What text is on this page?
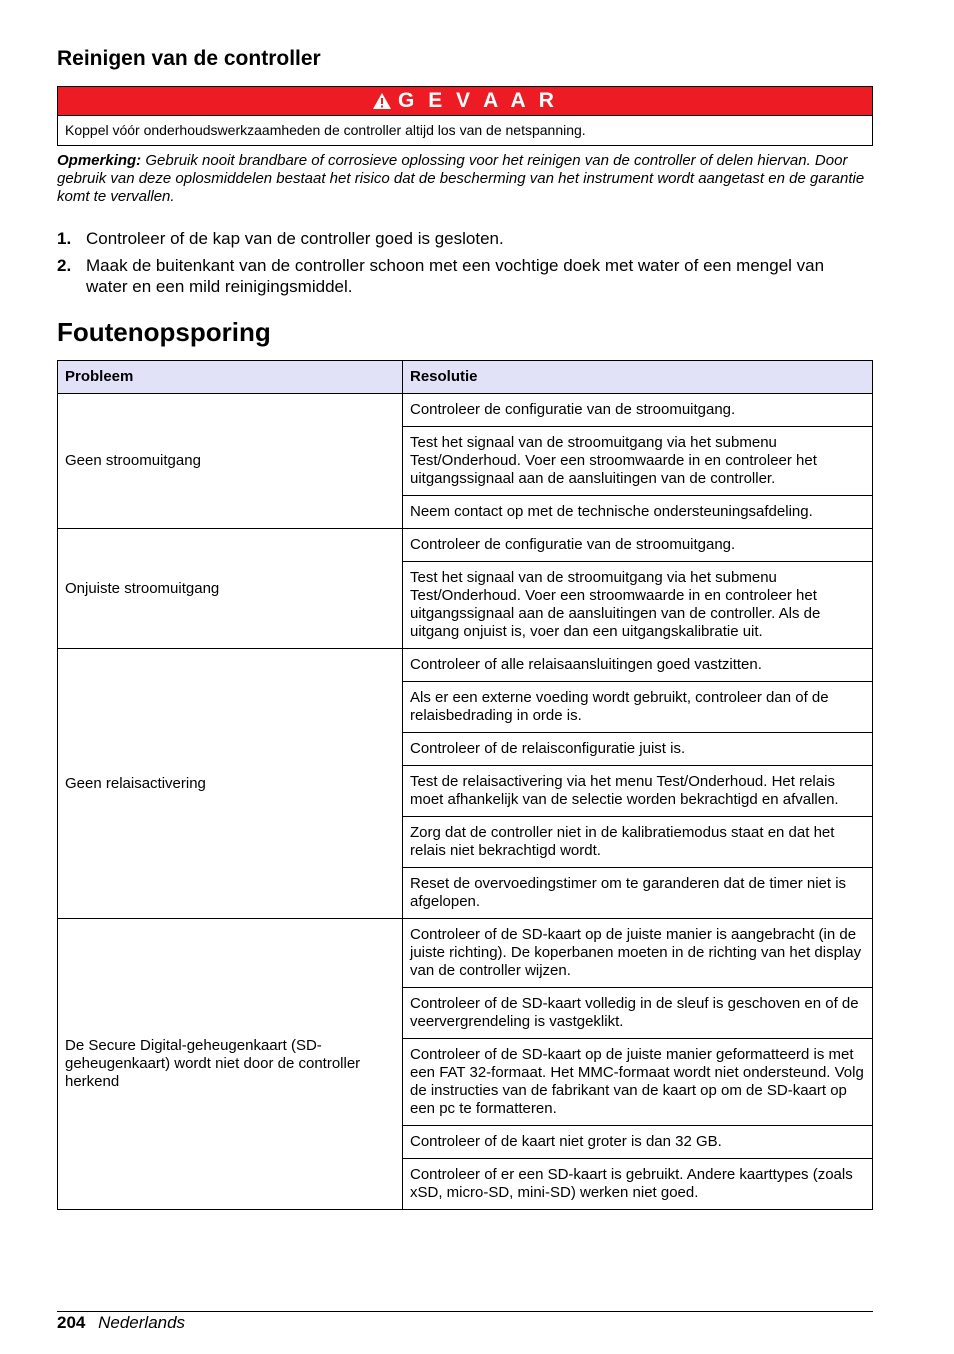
Reinigen van de controller
G E V A A R
Koppel vóór onderhoudswerkzaamheden de controller altijd los van de netspanning.
Opmerking: Gebruik nooit brandbare of corrosieve oplossing voor het reinigen van de controller of delen hiervan. Door gebruik van deze oplosmiddelen bestaat het risico dat de bescherming van het instrument wordt aangetast en de garantie komt te vervallen.
1. Controleer of de kap van de controller goed is gesloten.
2. Maak de buitenkant van de controller schoon met een vochtige doek met water of een mengel van water en een mild reinigingsmiddel.
Foutenopsporing
Probleem	Resolutie
Geen stroomuitgang	Controleer de configuratie van de stroomuitgang.
	Test het signaal van de stroomuitgang via het submenu Test/Onderhoud. Voer een stroomwaarde in en controleer het uitgangssignaal aan de aansluitingen van de controller.
	Neem contact op met de technische ondersteuningsafdeling.
Onjuiste stroomuitgang	Controleer de configuratie van de stroomuitgang.
	Test het signaal van de stroomuitgang via het submenu Test/Onderhoud. Voer een stroomwaarde in en controleer het uitgangssignaal aan de aansluitingen van de controller. Als de uitgang onjuist is, voer dan een uitgangskalibratie uit.
Geen relaisactivering	Controleer of alle relaisaansluitingen goed vastzitten.
	Als er een externe voeding wordt gebruikt, controleer dan of de relaisbedrading in orde is.
	Controleer of de relaisconfiguratie juist is.
	Test de relaisactivering via het menu Test/Onderhoud. Het relais moet afhankelijk van de selectie worden bekrachtigd en afvallen.
	Zorg dat de controller niet in de kalibratiemodus staat en dat het relais niet bekrachtigd wordt.
	Reset de overvoedingstimer om te garanderen dat de timer niet is afgelopen.
De Secure Digital-geheugenkaart (SD-geheugenkaart) wordt niet door de controller herkend	Controleer of de SD-kaart op de juiste manier is aangebracht (in de juiste richting). De koperbanen moeten in de richting van het display van de controller wijzen.
	Controleer of de SD-kaart volledig in de sleuf is geschoven en of de veervergrendeling is vastgeklikt.
	Controleer of de SD-kaart op de juiste manier geformatteerd is met een FAT 32-formaat. Het MMC-formaat wordt niet ondersteund. Volg de instructies van de fabrikant van de kaart op om de SD-kaart op een pc te formatteren.
	Controleer of de kaart niet groter is dan 32 GB.
	Controleer of er een SD-kaart is gebruikt. Andere kaarttypes (zoals xSD, micro-SD, mini-SD) werken niet goed.
204 Nederlands
